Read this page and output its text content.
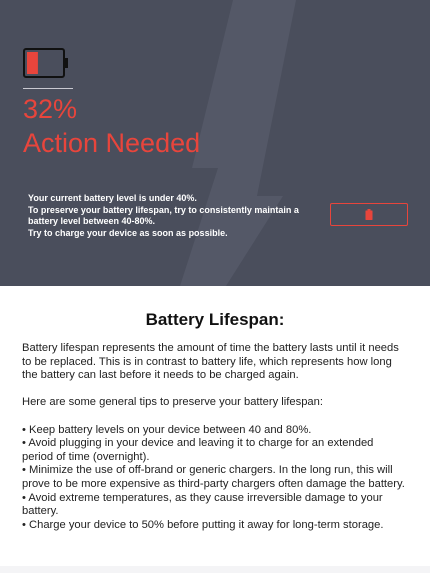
32%
Action Needed
Your current battery level is under 40%.
To preserve your battery lifespan, try to consistently maintain a battery level between 40-80%.
Try to charge your device as soon as possible.
Battery Lifespan:

Battery lifespan represents the amount of time the battery lasts until it needs to be replaced. This is in contrast to battery life, which represents how long the battery can last before it needs to be charged again.

Here are some general tips to preserve your battery lifespan:

• Keep battery levels on your device between 40 and 80%.
• Avoid plugging in your device and leaving it to charge for an extended period of time (overnight).
• Minimize the use of off-brand or generic chargers. In the long run, this will prove to be more expensive as third-party chargers often damage the battery.
• Avoid extreme temperatures, as they cause irreversible damage to your battery.
• Charge your device to 50% before putting it away for long-term storage.
